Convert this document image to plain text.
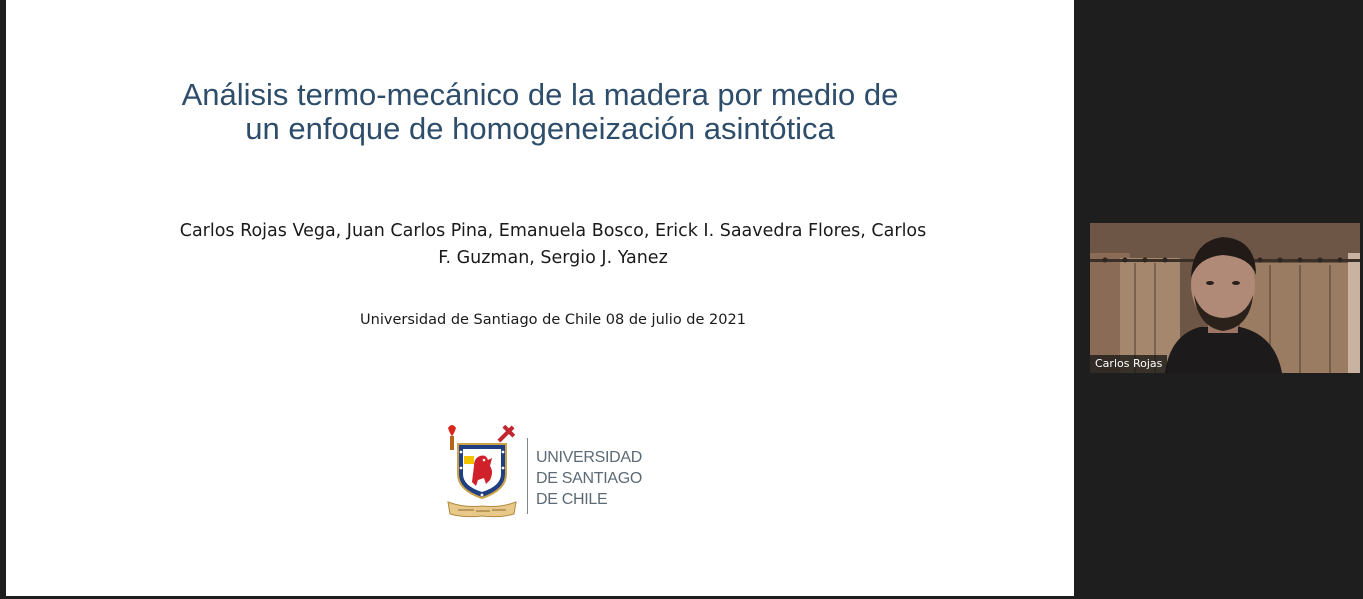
Análisis termo-mecánico de la madera por medio de
un enfoque de homogeneización asintótica
Carlos Rojas Vega, Juan Carlos Pina, Emanuela Bosco, Erick I. Saavedra Flores, Carlos
F. Guzman, Sergio J. Yanez
Universidad de Santiago de Chile 08 de julio de 2021
UNIVERSIDAD
DE SANTIAGO
DE CHILE
Carlos Rojas
